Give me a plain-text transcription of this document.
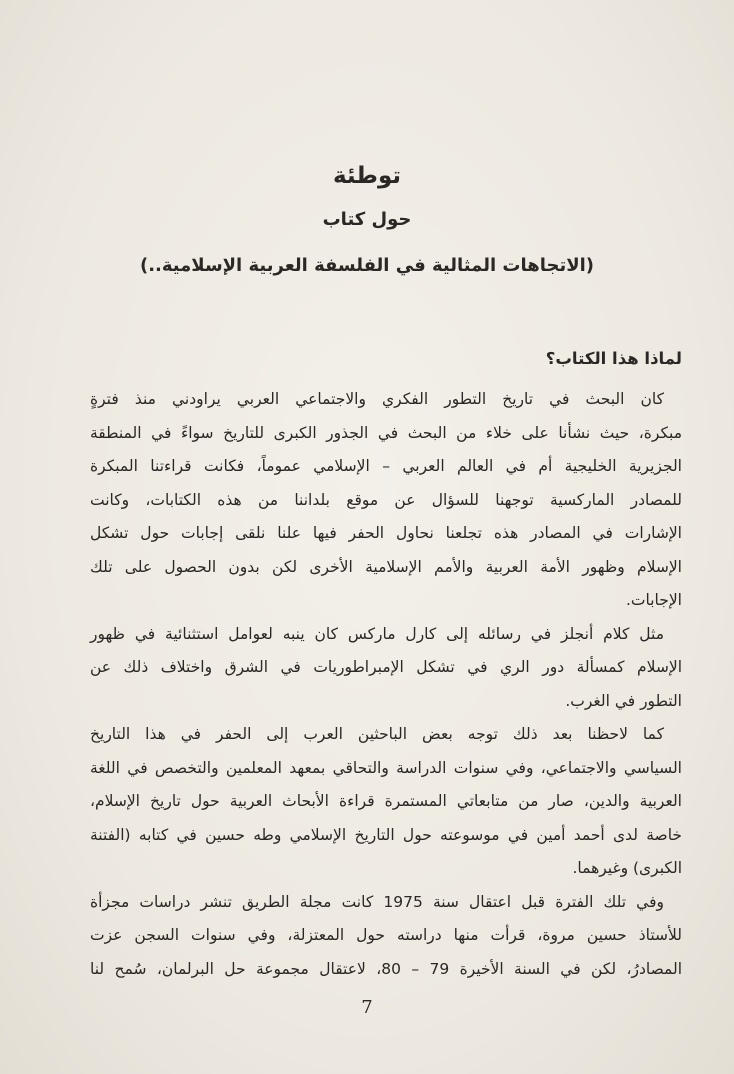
توطئة
حول كتاب
(الاتجاهات المثالية في الفلسفة العربية الإسلامية..)
لماذا هذا الكتاب؟
كان البحث في تاريخ التطور الفكري والاجتماعي العربي يراودني منذ فترةٍ
مبكرة، حيث نشأنا على خلاء من البحث في الجذور الكبرى للتاريخ سواءً في المنطقة
الجزيرية الخليجية أم في العالم العربي – الإسلامي عموماً، فكانت قراءتنا المبكرة
للمصادر الماركسية توجهنا للسؤال عن موقع بلداننا من هذه الكتابات، وكانت
الإشارات في المصادر هذه تجلعنا نحاول الحفر فيها علنا نلقى إجابات حول تشكل
الإسلام وظهور الأمة العربية والأمم الإسلامية الأخرى لكن بدون الحصول على تلك
الإجابات.
مثل كلام أنجلز في رسائله إلى كارل ماركس كان ينبه لعوامل استثنائية في ظهور
الإسلام كمسألة دور الري في تشكل الإمبراطوريات في الشرق واختلاف ذلك عن
التطور في الغرب.
كما لاحظنا بعد ذلك توجه بعض الباحثين العرب إلى الحفر في هذا التاريخ
السياسي والاجتماعي، وفي سنوات الدراسة والتحاقي بمعهد المعلمين والتخصص في اللغة
العربية والدين، صار من متابعاتي المستمرة قراءة الأبحاث العربية حول تاريخ الإسلام،
خاصة لدى أحمد أمين في موسوعته حول التاريخ الإسلامي وطه حسين في كتابه (الفتنة
الكبرى) وغيرهما.
وفي تلك الفترة قبل اعتقال سنة 1975 كانت مجلة الطريق تنشر دراسات مجزأة
للأستاذ حسين مروة، قرأت منها دراسته حول المعتزلة، وفي سنوات السجن عزت
المصادرُ، لكن في السنة الأخيرة 79 – 80، لاعتقال مجموعة حل البرلمان، سُمح لنا
7
